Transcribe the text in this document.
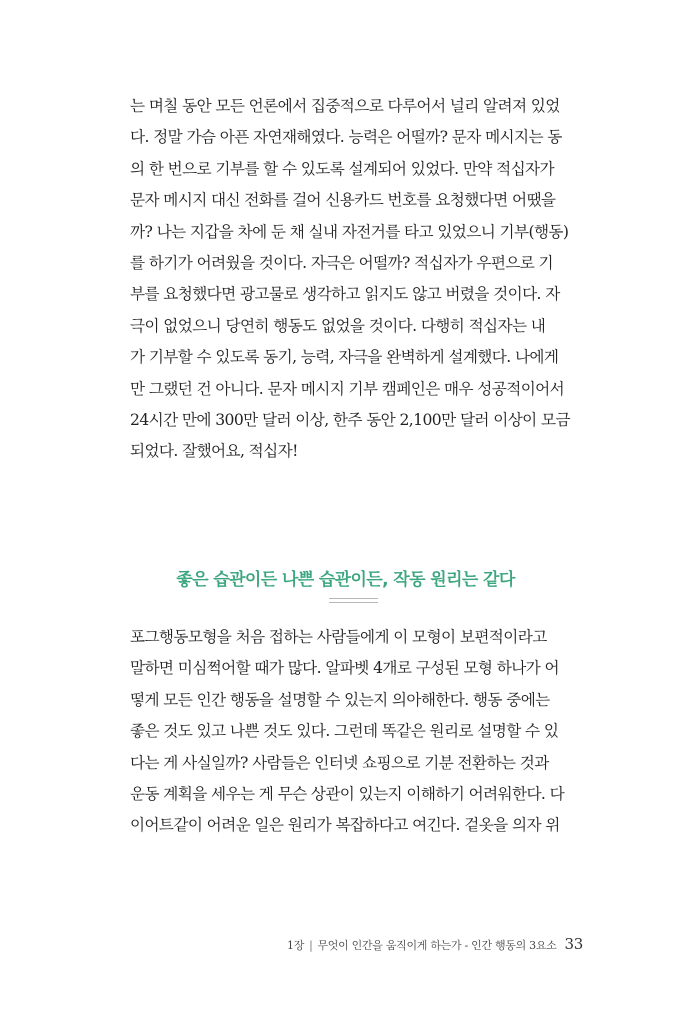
는 며칠 동안 모든 언론에서 집중적으로 다루어서 널리 알려져 있었
다. 정말 가슴 아픈 자연재해였다. 능력은 어떨까? 문자 메시지는 동
의 한 번으로 기부를 할 수 있도록 설계되어 있었다. 만약 적십자가
문자 메시지 대신 전화를 걸어 신용카드 번호를 요청했다면 어땠을
까? 나는 지갑을 차에 둔 채 실내 자전거를 타고 있었으니 기부(행동)
를 하기가 어려웠을 것이다. 자극은 어떨까? 적십자가 우편으로 기
부를 요청했다면 광고물로 생각하고 읽지도 않고 버렸을 것이다. 자
극이 없었으니 당연히 행동도 없었을 것이다. 다행히 적십자는 내
가 기부할 수 있도록 동기, 능력, 자극을 완벽하게 설계했다. 나에게
만 그랬던 건 아니다. 문자 메시지 기부 캠페인은 매우 성공적이어서
24시간 만에 300만 달러 이상, 한주 동안 2,100만 달러 이상이 모금
되었다. 잘했어요, 적십자!
좋은 습관이든 나쁜 습관이든, 작동 원리는 같다
포그행동모형을 처음 접하는 사람들에게 이 모형이 보편적이라고
말하면 미심쩍어할 때가 많다. 알파벳 4개로 구성된 모형 하나가 어
떻게 모든 인간 행동을 설명할 수 있는지 의아해한다. 행동 중에는
좋은 것도 있고 나쁜 것도 있다. 그런데 똑같은 원리로 설명할 수 있
다는 게 사실일까? 사람들은 인터넷 쇼핑으로 기분 전환하는 것과
운동 계획을 세우는 게 무슨 상관이 있는지 이해하기 어려워한다. 다
이어트같이 어려운 일은 원리가 복잡하다고 여긴다. 겉옷을 의자 위
1장 | 무엇이 인간을 움직이게 하는가 - 인간 행동의 3요소 33
